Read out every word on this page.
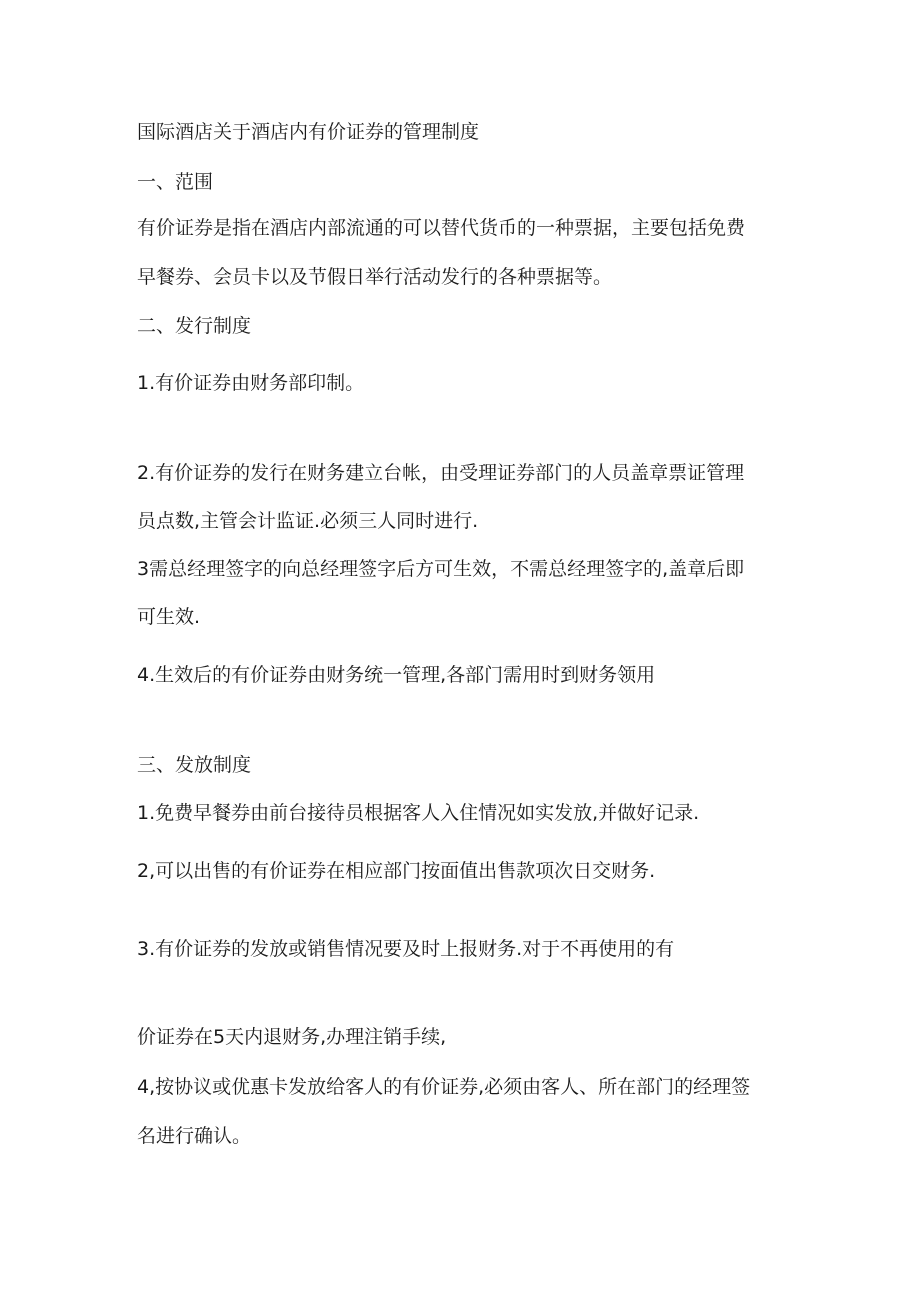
国际酒店关于酒店内有价证券的管理制度
一、范围
有价证券是指在酒店内部流通的可以替代货币的一种票据，主要包括免费
早餐券、会员卡以及节假日举行活动发行的各种票据等。
二、发行制度
1.有价证券由财务部印制。
2.有价证券的发行在财务建立台帐，由受理证券部门的人员盖章票证管理
员点数,主管会计监证.必须三人同时进行.
3需总经理签字的向总经理签字后方可生效，不需总经理签字的,盖章后即
可生效.
4.生效后的有价证券由财务统一管理,各部门需用时到财务领用
三、发放制度
1.免费早餐券由前台接待员根据客人入住情况如实发放,并做好记录.
2,可以出售的有价证券在相应部门按面值出售款项次日交财务.
3.有价证券的发放或销售情况要及时上报财务.对于不再使用的有
价证券在5天内退财务,办理注销手续,
4,按协议或优惠卡发放给客人的有价证券,必须由客人、所在部门的经理签
名进行确认。
